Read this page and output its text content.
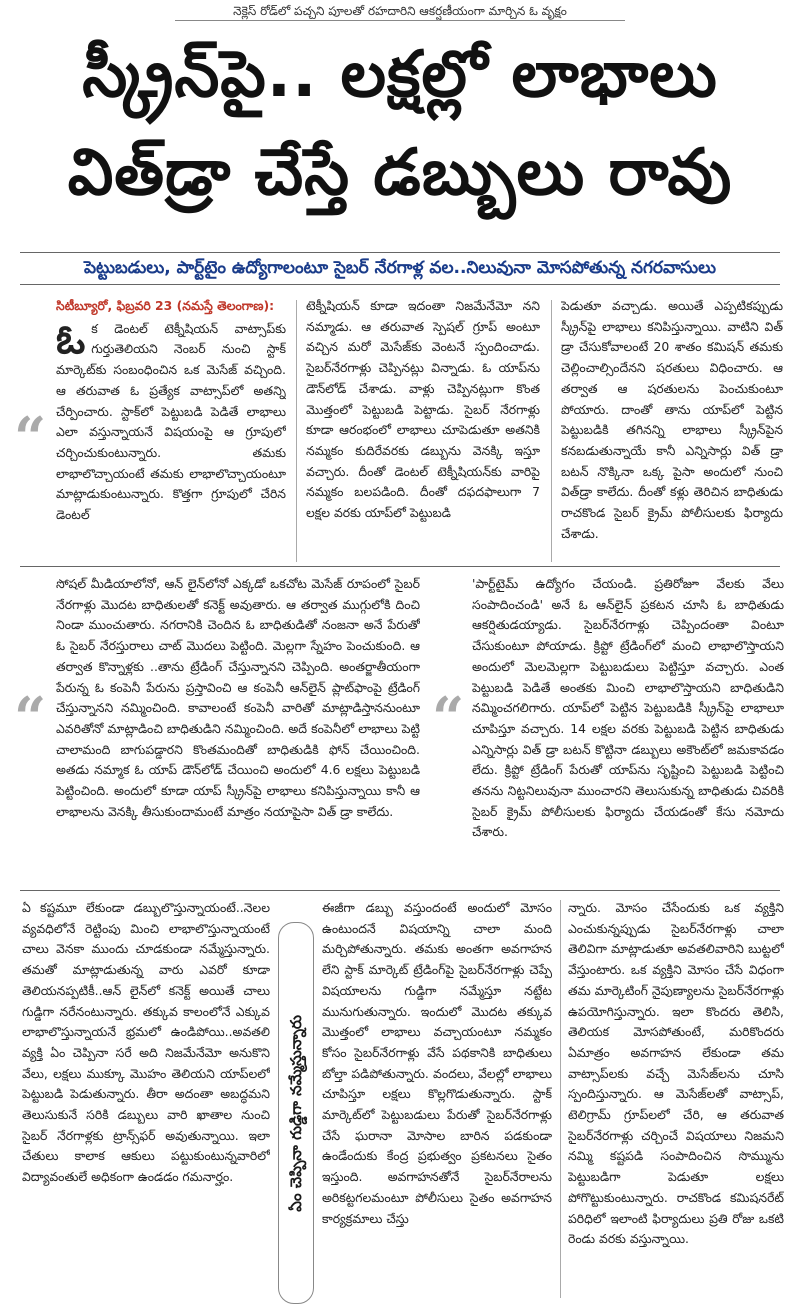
నెక్లెస్ రోడ్‌లో పచ్చని పూలతో రహదారిని ఆకర్షణీయంగా మార్చిన ఓ వృక్షం
స్క్రీన్‌పై.. లక్షల్లో లాభాలు
విత్‌డ్రా చేస్తే డబ్బులు రావు
పెట్టుబడులు, పార్ట్‌టైం ఉద్యోగాలంటూ సైబర్ నేరగాళ్ల వల..నిలువునా మోసపోతున్న నగరవాసులు
“
సిటీబ్యూరో, ఫిబ్రవరి 23 (నమస్తే తెలంగాణ):
ఓ క డెంటల్ టెక్నీషియన్ వాట్సాప్‌కు గుర్తుతెలియని నెంబర్ నుంచి స్టాక్ మార్కెట్‌కు సంబంధించిన ఒక మెసేజ్ వచ్చింది. ఆ తరువాత ఓ ప్రత్యేక వాట్సాప్‌లో అతన్ని చేర్పించారు. స్టాక్‌లో పెట్టుబడి పెడితే లాభాలు ఎలా వస్తున్నాయనే విషయంపై ఆ గ్రూపులో చర్చించుకుంటున్నారు. తమకు లాభాలొచ్చాయంటే తమకు లాభాలొచ్చాయంటూ మాట్లాడుకుంటున్నారు. కొత్తగా గ్రూపులో చేరిన డెంటల్
టెక్నీషియన్ కూడా ఇదంతా నిజమేనేమో నని నమ్మాడు. ఆ తరువాత స్పెషల్ గ్రూప్ అంటూ వచ్చిన మరో మెసేజ్‌కు వెంటనే స్పందించాడు. సైబర్‌నేరగాళ్లు చెప్పినట్లు విన్నాడు. ఓ యాప్‌ను డౌన్‌లోడ్ చేశాడు. వాళ్లు చెప్పినట్లుగా కొంత మొత్తంలో పెట్టుబడి పెట్టాడు. సైబర్ నేరగాళ్లు కూడా ఆరంభంలో లాభాలు చూపెడుతూ అతనికి నమ్మకం కుదిరేవరకు డబ్బును వెనక్కి ఇస్తూ వచ్చారు. దీంతో డెంటల్ టెక్నీషియన్‌కు వారిపై నమ్మకం బలపడింది. దీంతో దఫదఫాలుగా 7 లక్షల వరకు యాప్‌లో పెట్టుబడి
పెడుతూ వచ్చాడు. అయితే ఎప్పటికప్పుడు స్క్రీన్‌పై లాభాలు కనిపిస్తున్నాయి. వాటిని విత్ డ్రా చేసుకోవాలంటే 20 శాతం కమిషన్ తమకు చెల్లించాల్సిందేనని షరతులు విధించారు. ఆ తర్వాత ఆ షరతులను పెంచుకుంటూ పోయారు. దాంతో తాను యాప్‌లో పెట్టిన పెట్టుబడికి తగినన్ని లాభాలు స్క్రీన్‌పైన కనబడుతున్నాయే కానీ ఎన్నిసార్లు విత్ డ్రా బటన్ నొక్కినా ఒక్క పైసా అందులో నుంచి విత్‌డ్రా కాలేదు. దీంతో కళ్లు తెరిచిన బాధితుడు రాచకొండ సైబర్ క్రైమ్ పోలీసులకు ఫిర్యాదు చేశాడు.
“
సోషల్ మీడియాలోనో, ఆన్ లైన్‌లోనో ఎక్కడో ఒకచోట మెసేజ్ రూపంలో సైబర్ నేరగాళ్లు మొదట బాధితులతో కనెక్ట్ అవుతారు. ఆ తర్వాత ముగ్గులోకి దించి నిండా ముంచుతారు. నగరానికి చెందిన ఓ బాధితుడితో నంజనా అనే పేరుతో ఓ సైబర్ నేరస్తురాలు చాట్ మొదలు పెట్టింది. మెల్లగా స్నేహం పెంచుకుంది. ఆ తర్వాత కొన్నాళ్లకు ..తాను ట్రేడింగ్ చేస్తున్నానని చెప్పింది. అంతర్జాతీయంగా పేరున్న ఓ కంపెనీ పేరును ప్రస్తావించి ఆ కంపెనీ ఆన్‌లైన్ ప్లాట్‌ఫాంపై ట్రేడింగ్ చేస్తున్నానని నమ్మించింది. కావాలంటే కంపెనీ వారితో మాట్లాడిస్తాననుంటూ ఎవరితోనో మాట్లాడించి బాధితుడిని నమ్మించింది. అదే కంపెనీలో లాభాలు పెట్టి చాలామంది బాగుపడ్డారని కొంతమందితో బాధితుడికి ఫోన్ చేయించింది. అతడు నమ్మాక ఓ యాప్ డౌన్‌లోడ్ చేయించి అందులో 4.6 లక్షలు పెట్టుబడి పెట్టించింది. అందులో కూడా యాప్ స్క్రీన్‌పై లాభాలు కనిపిస్తున్నాయి కానీ ఆ లాభాలను వెనక్కి తీసుకుందామంటే మాత్రం నయాపైసా విత్ డ్రా కాలేదు.
“
'పార్ట్‌టైమ్ ఉద్యోగం చేయండి. ప్రతిరోజూ వేలకు వేలు సంపాదించండి' అనే ఓ ఆన్‌లైన్ ప్రకటన చూసి ఓ బాధితుడు ఆకర్షితుడయ్యాడు. సైబర్‌నేరగాళ్లు చెప్పిందంతా వింటూ చేసుకుంటూ పోయాడు. క్రిప్టో ట్రేడింగ్‌లో మంచి లాభాలొస్తాయని అందులో మెలమెల్లగా పెట్టుబడులు పెట్టిస్తూ వచ్చారు. ఎంత పెట్టుబడి పెడితే అంతకు మించి లాభాలొస్తాయని బాధితుడిని నమ్మించగలిగారు. యాప్‌లో పెట్టిన పెట్టుబడికి స్క్రీన్‌పై లాభాలూ చూపిస్తూ వచ్చారు. 14 లక్షల వరకు పెట్టుబడి పెట్టిన బాధితుడు ఎన్నిసార్లు విత్ డ్రా బటన్ కొట్టినా డబ్బులు అకౌంట్‌లో జమకావడం లేదు. క్రిప్టో ట్రేడింగ్ పేరుతో యాప్‌ను సృష్టించి పెట్టుబడి పెట్టించి తనను నిట్టనిలువునా ముంచారని తెలుసుకున్న బాధితుడు చివరికి సైబర్ క్రైమ్ పోలీసులకు ఫిర్యాదు చేయడంతో కేసు నమోదు చేశారు.
ఏ కష్టమూ లేకుండా డబ్బులొస్తున్నాయంటే..నెలల వ్యవధిలోనే రెట్టింపు మించి లాభాలొస్తున్నాయంటే చాలు వెనకా ముందు చూడకుండా నమ్మేస్తున్నారు. తమతో మాట్లాడుతున్న వారు ఎవరో కూడా తెలియనప్పటికీ..ఆన్ లైన్‌లో కనెక్ట్ అయితే చాలు గుడ్డిగా నరేనంటున్నారు. తక్కువ కాలంలోనే ఎక్కువ లాభాలొస్తున్నాయనే భ్రమలో ఉండిపోయి..అవతలి వ్యక్తి ఏం చెప్పినా సరే అది నిజమేనేమో అనుకొని వేలు, లక్షలు ముక్కూ మొహం తెలియని యాప్‌లలో పెట్టుబడి పెడుతున్నారు. తీరా అదంతా అబద్ధమని తెలుసుకునే సరికి డబ్బులు వారి ఖాతాల నుంచి సైబర్ నేరగాళ్లకు ట్రాన్స్‌ఫర్ అవుతున్నాయి. ఇలా చేతులు కాలాక ఆకులు పట్టుకుంటున్నవారిలో విద్యావంతులే అధికంగా ఉండడం గమనార్హం.	ఏం చెప్పినా గుడ్డిగా నమ్మేస్తున్నారు
ఈజీగా డబ్బు వస్తుందంటే అందులో మోసం ఉంటుందనే విషయాన్ని చాలా మంది మర్చిపోతున్నారు. తమకు అంతగా అవగాహన లేని స్టాక్ మార్కెట్ ట్రేడింగ్‌పై సైబర్‌నేరగాళ్లు చెప్పే విషయాలను గుడ్డిగా నమ్మేస్తూ నట్టేట మునుగుతున్నారు. ఇందులో మొదట తక్కువ మొత్తంలో లాభాలు వచ్చాయంటూ నమ్మకం కోసం సైబర్‌నేరగాళ్లు వేసే పథకానికి బాధితులు బోల్తా పడిపోతున్నారు. వందలు, వేలల్లో లాభాలు చూపిస్తూ లక్షలు కొల్లగొడుతున్నారు. స్టాక్ మార్కెట్‌లో పెట్టుబడులు పేరుతో సైబర్‌నేరగాళ్లు చేసే ఘరానా మోసాల బారిన పడకుండా ఉండేందుకు కేంద్ర ప్రభుత్వం ప్రకటనలు సైతం ఇస్తుంది. అవగాహనతోనే సైబర్‌నేరాలను అరికట్టగలమంటూ పోలీసులు సైతం అవగాహన కార్యక్రమాలు చేస్తు
న్నారు. మోసం చేసేందుకు ఒక వ్యక్తిని ఎంచుకున్నప్పుడు సైబర్‌నేరగాళ్లు చాలా తెలివిగా మాట్లాడుతూ అవతలివారిని బుట్టలో వేస్తుంటారు. ఒక వ్యక్తిని మోసం చేసే విధంగా తమ మార్కెటింగ్ నైపుణ్యాలను సైబర్‌నేరగాళ్లు ఉపయోగిస్తున్నారు. ఇలా కొందరు తెలిసి, తెలియక మోసపోతుంటే, మరికొందరు ఏమాత్రం అవగాహన లేకుండా తమ వాట్సాప్‌లకు వచ్చే మెసేజ్‌లను చూసి స్పందిస్తున్నారు. ఆ మెసేజ్‌లతో వాట్సాప్, టెలిగ్రామ్ గ్రూప్‌లలో చేరి, ఆ తరువాత సైబర్‌నేరగాళ్లు చర్చించే విషయాలు నిజమని నమ్మి కష్టపడి సంపాదించిన సొమ్మును పెట్టుబడిగా పెడుతూ లక్షలు పోగొట్టుకుంటున్నారు. రాచకొండ కమిషనరేట్ పరిధిలో ఇలాంటి ఫిర్యాదులు ప్రతి రోజు ఒకటి రెండు వరకు వస్తున్నాయి.
